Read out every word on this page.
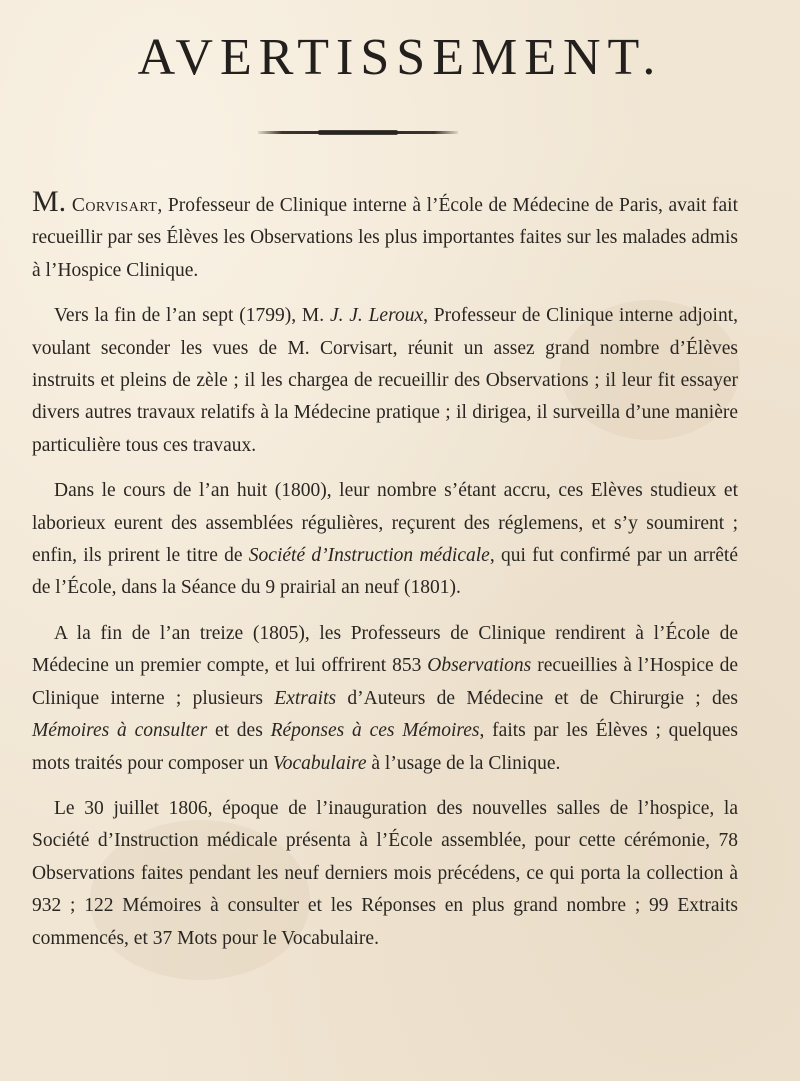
AVERTISSEMENT.

M. Corvisart, Professeur de Clinique interne à l’École de Médecine de Paris, avait fait recueillir par ses Élèves les Observations les plus importantes faites sur les malades admis à l’Hospice Clinique.

Vers la fin de l’an sept (1799), M. J. J. Leroux, Professeur de Clinique interne adjoint, voulant seconder les vues de M. Corvisart, réunit un assez grand nombre d’Élèves instruits et pleins de zèle ; il les chargea de recueillir des Observations ; il leur fit essayer divers autres travaux relatifs à la Médecine pratique ; il dirigea, il surveilla d’une manière particulière tous ces travaux.

Dans le cours de l’an huit (1800), leur nombre s’étant accru, ces Elèves studieux et laborieux eurent des assemblées régulières, reçurent des réglemens, et s’y soumirent ; enfin, ils prirent le titre de Société d’Instruction médicale, qui fut confirmé par un arrêté de l’École, dans la Séance du 9 prairial an neuf (1801).

A la fin de l’an treize (1805), les Professeurs de Clinique rendirent à l’École de Médecine un premier compte, et lui offrirent 853 Observations recueillies à l’Hospice de Clinique interne ; plusieurs Extraits d’Auteurs de Médecine et de Chirurgie ; des Mémoires à consulter et des Réponses à ces Mémoires, faits par les Élèves ; quelques mots traités pour composer un Vocabulaire à l’usage de la Clinique.

Le 30 juillet 1806, époque de l’inauguration des nouvelles salles de l’hospice, la Société d’Instruction médicale présenta à l’École assemblée, pour cette cérémonie, 78 Observations faites pendant les neuf derniers mois précédens, ce qui porta la collection à 932 ; 122 Mémoires à consulter et les Réponses en plus grand nombre ; 99 Extraits commencés, et 37 Mots pour le Vocabulaire.
